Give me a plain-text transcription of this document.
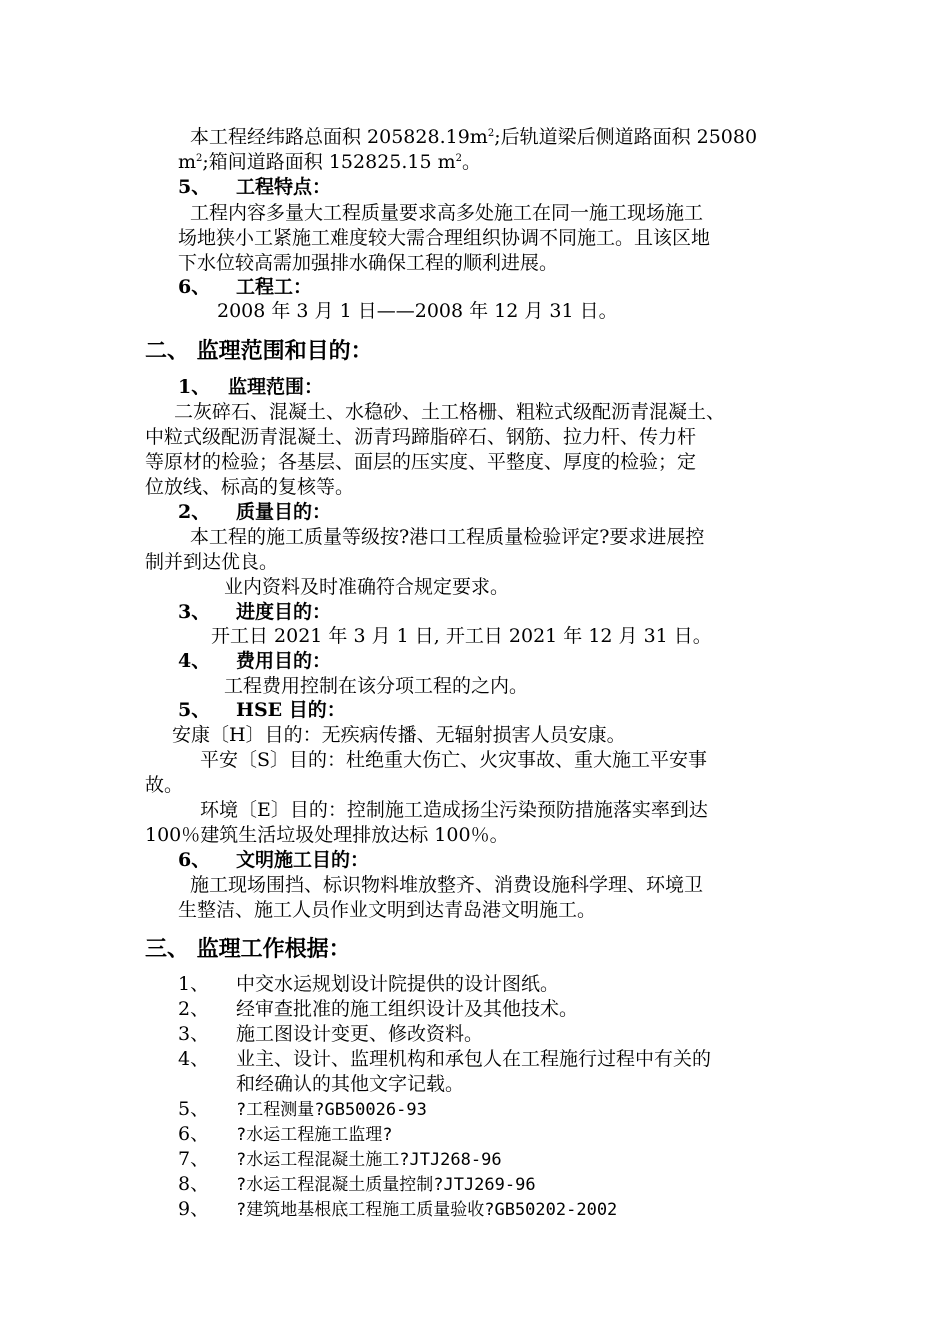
本工程经纬路总面积 $205828.19m^2$;后轨道梁后侧道路面积 25080
$m^2$;箱间道路面积 152825.15 $m^2$。
5、 工程特点：
工程内容多量大工程质量要求高多处施工在同一施工现场施工
场地狭小工紧施工难度较大需合理组织协调不同施工。且该区地
下水位较高需加强排水确保工程的顺利进展。
6、 工程工：
2008 年 3 月 1 日——2008 年 12 月 31 日。
二、 监理范围和目的：
1、 监理范围：
二灰碎石、混凝土、水稳砂、土工格栅、粗粒式级配沥青混凝土、
中粒式级配沥青混凝土、沥青玛蹄脂碎石、钢筋、拉力杆、传力杆
等原材的检验；各基层、面层的压实度、平整度、厚度的检验；定
位放线、标高的复核等。
2、 质量目的：
本工程的施工质量等级按?港口工程质量检验评定?要求进展控
制并到达优良。
业内资料及时准确符合规定要求。
3、 进度目的：
开工日 2021 年 3 月 1 日, 开工日 2021 年 12 月 31 日。
4、 费用目的：
工程费用控制在该分项工程的之内。
5、 HSE 目的：
安康〔H〕目的：无疾病传播、无辐射损害人员安康。
平安〔S〕目的：杜绝重大伤亡、火灾事故、重大施工平安事
故。
环境〔E〕目的：控制施工造成扬尘污染预防措施落实率到达
100％建筑生活垃圾处理排放达标 100％。
6、 文明施工目的：
施工现场围挡、标识物料堆放整齐、消费设施科学理、环境卫
生整洁、施工人员作业文明到达青岛港文明施工。
三、 监理工作根据：
1、 中交水运规划设计院提供的设计图纸。
2、 经审查批准的施工组织设计及其他技术。
3、 施工图设计变更、修改资料。
4、 业主、设计、监理机构和承包人在工程施行过程中有关的
和经确认的其他文字记载。
5、 ?工程测量?GB50026-93
6、 ?水运工程施工监理?
7、 ?水运工程混凝土施工?JTJ268-96
8、 ?水运工程混凝土质量控制?JTJ269-96
9、 ?建筑地基根底工程施工质量验收?GB50202-2002
